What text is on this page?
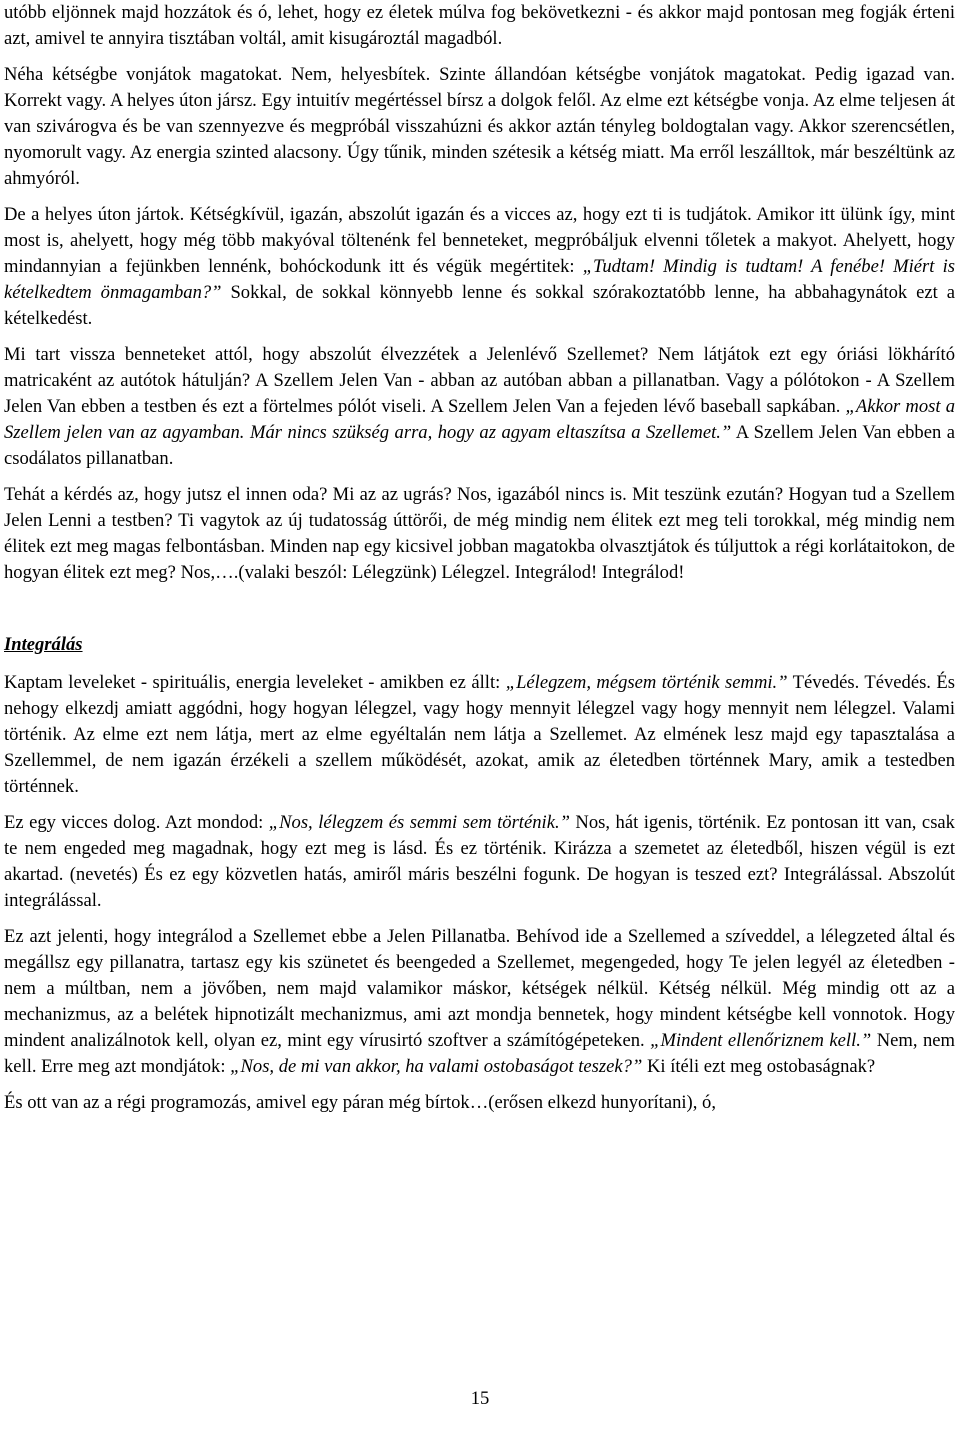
utóbb eljönnek majd hozzátok és ó, lehet, hogy ez életek múlva fog bekövetkezni - és akkor majd pontosan meg fogják érteni azt, amivel te annyira tisztában voltál, amit kisugároztál magadból.

Néha kétségbe vonjátok magatokat. Nem, helyesbítek. Szinte állandóan kétségbe vonjátok magatokat. Pedig igazad van. Korrekt vagy. A helyes úton jársz. Egy intuitív megértéssel bírsz a dolgok felől. Az elme ezt kétségbe vonja. Az elme teljesen át van szivárogva és be van szennyezve és megpróbál visszahúzni és akkor aztán tényleg boldogtalan vagy. Akkor szerencsétlen, nyomorult vagy. Az energia szinted alacsony. Úgy tűnik, minden szétesik a kétség miatt. Ma erről leszálltok, már beszéltünk az ahmyóról.

De a helyes úton jártok. Kétségkívül, igazán, abszolút igazán és a vicces az, hogy ezt ti is tudjátok. Amikor itt ülünk így, mint most is, ahelyett, hogy még több makyóval töltenénk fel benneteket, megpróbáljuk elvenni tőletek a makyot. Ahelyett, hogy mindannyian a fejünkben lennénk, bohóckodunk itt és végük megértitek: „Tudtam! Mindig is tudtam! A fenébe! Miért is kételkedtem önmagamban?” Sokkal, de sokkal könnyebb lenne és sokkal szórakoztatóbb lenne, ha abbahagynátok ezt a kételkedést.

Mi tart vissza benneteket attól, hogy abszolút élvezzétek a Jelenlévő Szellemet? Nem látjátok ezt egy óriási lökhárító matricaként az autótok hátulján? A Szellem Jelen Van - abban az autóban abban a pillanatban. Vagy a pólótokon - A Szellem Jelen Van ebben a testben és ezt a förtelmes pólót viseli. A Szellem Jelen Van a fejeden lévő baseball sapkában. „Akkor most a Szellem jelen van az agyamban. Már nincs szükség arra, hogy az agyam eltaszítsa a Szellemet.” A Szellem Jelen Van ebben a csodálatos pillanatban.

Tehát a kérdés az, hogy jutsz el innen oda? Mi az az ugrás? Nos, igazából nincs is. Mit teszünk ezután? Hogyan tud a Szellem Jelen Lenni a testben? Ti vagytok az új tudatosság úttörői, de még mindig nem élitek ezt meg teli torokkal, még mindig nem élitek ezt meg magas felbontásban. Minden nap egy kicsivel jobban magatokba olvasztjátok és túljuttok a régi korlátaitokon, de hogyan élitek ezt meg? Nos,….(valaki beszól: Lélegzünk) Lélegzel. Integrálod! Integrálod!

Integrálás

Kaptam leveleket - spirituális, energia leveleket - amikben ez állt: „Lélegzem, mégsem történik semmi.” Tévedés. Tévedés. És nehogy elkezdj amiatt aggódni, hogy hogyan lélegzel, vagy hogy mennyit lélegzel vagy hogy mennyit nem lélegzel. Valami történik. Az elme ezt nem látja, mert az elme egyéltalán nem látja a Szellemet. Az elmének lesz majd egy tapasztalása a Szellemmel, de nem igazán érzékeli a szellem működését, azokat, amik az életedben történnek Mary, amik a testedben történnek.

Ez egy vicces dolog. Azt mondod: „Nos, lélegzem és semmi sem történik.” Nos, hát igenis, történik. Ez pontosan itt van, csak te nem engeded meg magadnak, hogy ezt meg is lásd. És ez történik. Kirázza a szemetet az életedből, hiszen végül is ezt akartad. (nevetés) És ez egy közvetlen hatás, amiről máris beszélni fogunk. De hogyan is teszed ezt? Integrálással. Abszolút integrálással.

Ez azt jelenti, hogy integrálod a Szellemet ebbe a Jelen Pillanatba. Behívod ide a Szellemed a szíveddel, a lélegzeted által és megállsz egy pillanatra, tartasz egy kis szünetet és beengeded a Szellemet, megengeded, hogy Te jelen legyél az életedben - nem a múltban, nem a jövőben, nem majd valamikor máskor, kétségek nélkül. Kétség nélkül. Még mindig ott az a mechanizmus, az a belétek hipnotizált mechanizmus, ami azt mondja bennetek, hogy mindent kétségbe kell vonnotok. Hogy mindent analizálnotok kell, olyan ez, mint egy vírusirtó szoftver a számítógépeteken. „Mindent ellenőriznem kell.” Nem, nem kell. Erre meg azt mondjátok: „Nos, de mi van akkor, ha valami ostobaságot teszek?” Ki ítéli ezt meg ostobaságnak?

És ott van az a régi programozás, amivel egy páran még bírtok…(erősen elkezd hunyorítani), ó,

15
